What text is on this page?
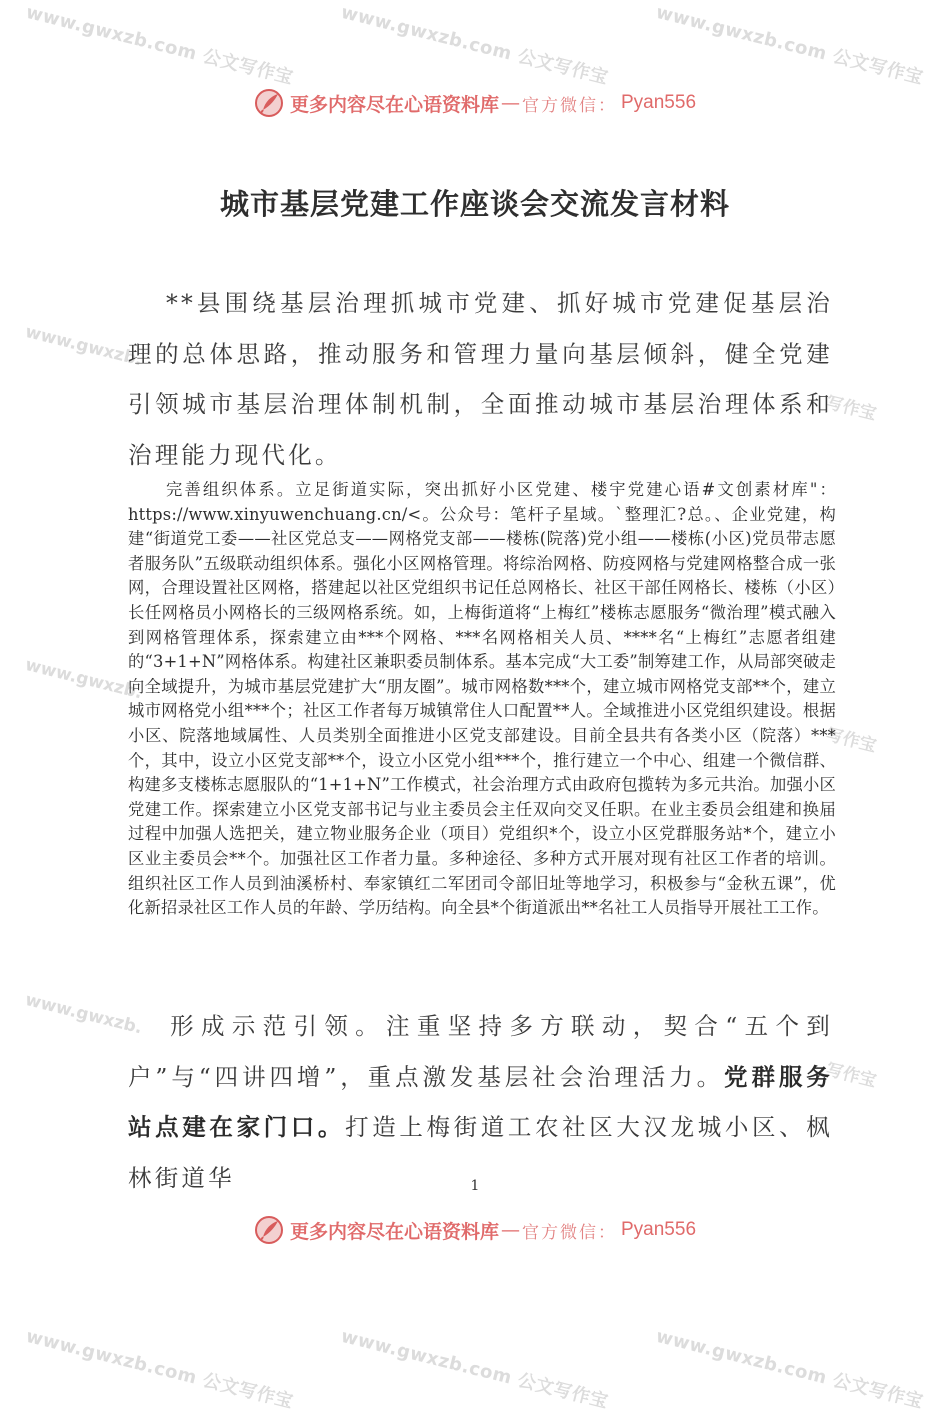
www.gwxzb.com 公文写作宝 www.gwxzb.com 公文写作宝 www.gwxzb.com 公文写作宝
www.gwxzb.
www.gwxzb.
www.gwxzb.
写作宝
写作宝
写作宝
www.gwxzb.com 公文写作宝 www.gwxzb.com 公文写作宝 www.gwxzb.com 公文写作宝
更多内容尽在心语资料库 — 官方微信： Pyan556
城市基层党建工作座谈会交流发言材料

**县围绕基层治理抓城市党建、抓好城市党建促基层治理的总体思路，推动服务和管理力量向基层倾斜，健全党建引领城市基层治理体制机制，全面推动城市基层治理体系和治理能力现代化。

完善组织体系。立足街道实际，突出抓好小区党建、楼宇党建心语#文创素材库"：https://www.xinyuwenchuang.cn/<。公众号：笔杆子星域。`整理汇?总。、企业党建，构建“街道党工委——社区党总支——网格党支部——楼栋(院落)党小组——楼栋(小区)党员带志愿者服务队”五级联动组织体系。强化小区网格管理。将综治网格、防疫网格与党建网格整合成一张网，合理设置社区网格，搭建起以社区党组织书记任总网格长、社区干部任网格长、楼栋（小区）长任网格员小网格长的三级网格系统。如，上梅街道将“上梅红”楼栋志愿服务“微治理”模式融入到网格管理体系，探索建立由***个网格、***名网格相关人员、****名“上梅红”志愿者组建的“3+1+N”网格体系。构建社区兼职委员制体系。基本完成“大工委”制筹建工作，从局部突破走向全域提升，为城市基层党建扩大“朋友圈”。城市网格数***个，建立城市网格党支部**个，建立城市网格党小组***个；社区工作者每万城镇常住人口配置**人。全域推进小区党组织建设。根据小区、院落地域属性、人员类别全面推进小区党支部建设。目前全县共有各类小区（院落）***个，其中，设立小区党支部**个，设立小区党小组***个，推行建立一个中心、组建一个微信群、构建多支楼栋志愿服队的“1+1+N”工作模式，社会治理方式由政府包揽转为多元共治。加强小区党建工作。探索建立小区党支部书记与业主委员会主任双向交叉任职。在业主委员会组建和换届过程中加强人选把关，建立物业服务企业（项目）党组织*个，设立小区党群服务站*个，建立小区业主委员会**个。加强社区工作者力量。多种途径、多种方式开展对现有社区工作者的培训。组织社区工作人员到油溪桥村、奉家镇红二军团司令部旧址等地学习，积极参与“金秋五课”，优化新招录社区工作人员的年龄、学历结构。向全县*个街道派出**名社工人员指导开展社工工作。

形成示范引领。注重坚持多方联动，契合“五个到户”与“四讲四增”，重点激发基层社会治理活力。党群服务站点建在家门口。打造上梅街道工农社区大汉龙城小区、枫林街道华	1
更多内容尽在心语资料库 — 官方微信： Pyan556
